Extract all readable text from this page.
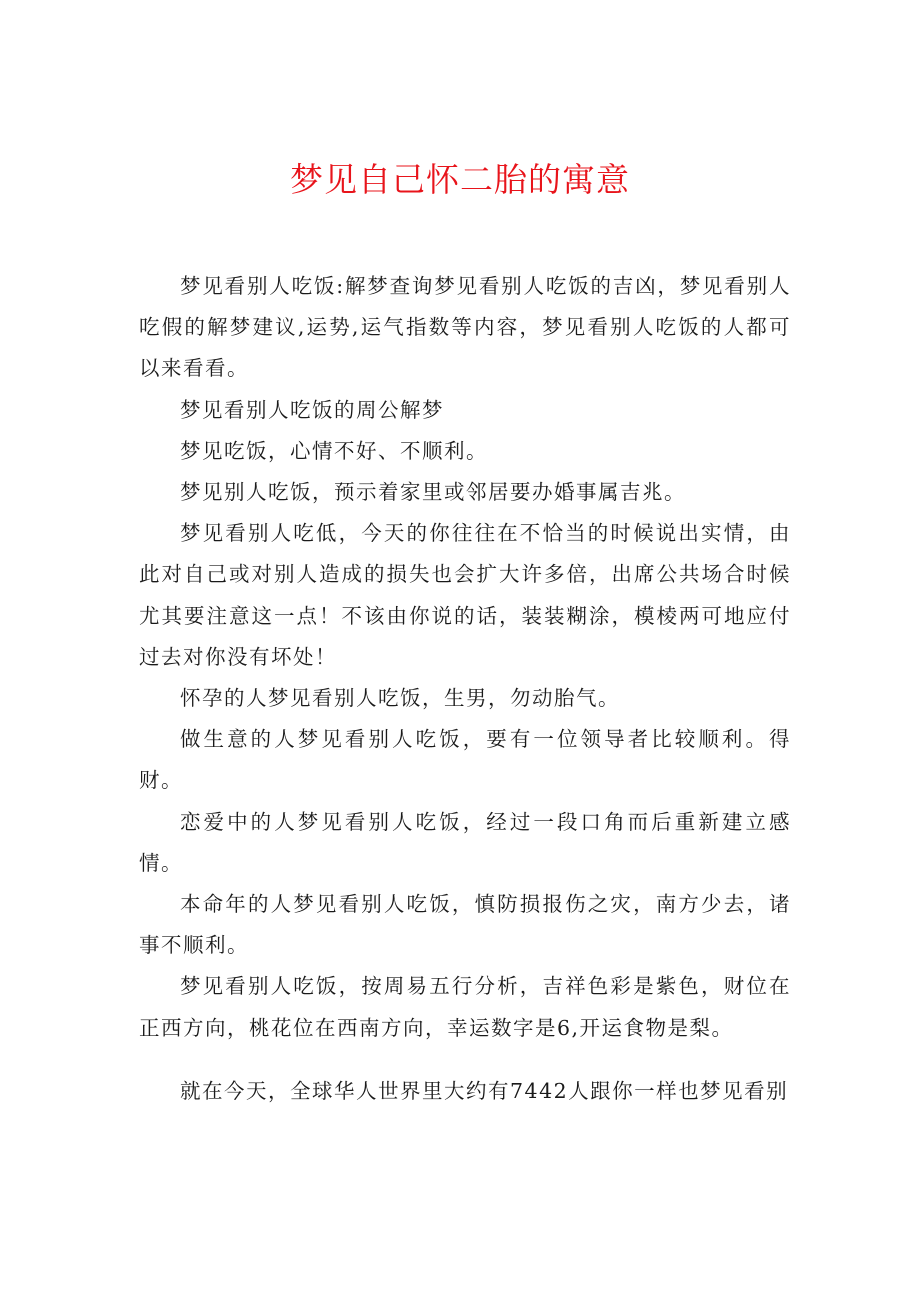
梦见自己怀二胎的寓意

梦见看别人吃饭:解梦查询梦见看别人吃饭的吉凶，梦见看别人吃假的解梦建议,运势,运气指数等内容，梦见看别人吃饭的人都可以来看看。

梦见看别人吃饭的周公解梦

梦见吃饭，心情不好、不顺利。

梦见别人吃饭，预示着家里或邻居要办婚事属吉兆。

梦见看别人吃低，今天的你往往在不恰当的时候说出实情，由此对自己或对别人造成的损失也会扩大许多倍，出席公共场合时候尤其要注意这一点！不该由你说的话，装装糊涂，模棱两可地应付过去对你没有坏处！

怀孕的人梦见看别人吃饭，生男，勿动胎气。

做生意的人梦见看别人吃饭，要有一位领导者比较顺利。得财。

恋爱中的人梦见看别人吃饭，经过一段口角而后重新建立感情。

本命年的人梦见看别人吃饭，慎防损报伤之灾，南方少去，诸事不顺利。

梦见看别人吃饭，按周易五行分析，吉祥色彩是紫色，财位在正西方向，桃花位在西南方向，幸运数字是6,开运食物是梨。

就在今天，全球华人世界里大约有7442人跟你一样也梦见看别
